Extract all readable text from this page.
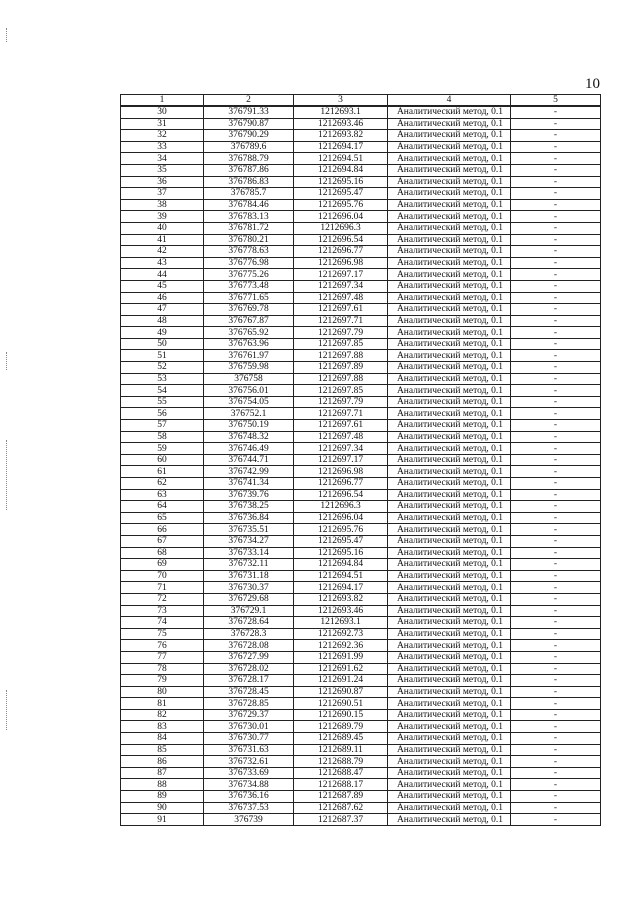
10
1	2	3	4	5
30	376791.33	1212693.1	Аналитический метод, 0.1	-
31	376790.87	1212693.46	Аналитический метод, 0.1	-
32	376790.29	1212693.82	Аналитический метод, 0.1	-
33	376789.6	1212694.17	Аналитический метод, 0.1	-
34	376788.79	1212694.51	Аналитический метод, 0.1	-
35	376787.86	1212694.84	Аналитический метод, 0.1	-
36	376786.83	1212695.16	Аналитический метод, 0.1	-
37	376785.7	1212695.47	Аналитический метод, 0.1	-
38	376784.46	1212695.76	Аналитический метод, 0.1	-
39	376783.13	1212696.04	Аналитический метод, 0.1	-
40	376781.72	1212696.3	Аналитический метод, 0.1	-
41	376780.21	1212696.54	Аналитический метод, 0.1	-
42	376778.63	1212696.77	Аналитический метод, 0.1	-
43	376776.98	1212696.98	Аналитический метод, 0.1	-
44	376775.26	1212697.17	Аналитический метод, 0.1	-
45	376773.48	1212697.34	Аналитический метод, 0.1	-
46	376771.65	1212697.48	Аналитический метод, 0.1	-
47	376769.78	1212697.61	Аналитический метод, 0.1	-
48	376767.87	1212697.71	Аналитический метод, 0.1	-
49	376765.92	1212697.79	Аналитический метод, 0.1	-
50	376763.96	1212697.85	Аналитический метод, 0.1	-
51	376761.97	1212697.88	Аналитический метод, 0.1	-
52	376759.98	1212697.89	Аналитический метод, 0.1	-
53	376758	1212697.88	Аналитический метод, 0.1	-
54	376756.01	1212697.85	Аналитический метод, 0.1	-
55	376754.05	1212697.79	Аналитический метод, 0.1	-
56	376752.1	1212697.71	Аналитический метод, 0.1	-
57	376750.19	1212697.61	Аналитический метод, 0.1	-
58	376748.32	1212697.48	Аналитический метод, 0.1	-
59	376746.49	1212697.34	Аналитический метод, 0.1	-
60	376744.71	1212697.17	Аналитический метод, 0.1	-
61	376742.99	1212696.98	Аналитический метод, 0.1	-
62	376741.34	1212696.77	Аналитический метод, 0.1	-
63	376739.76	1212696.54	Аналитический метод, 0.1	-
64	376738.25	1212696.3	Аналитический метод, 0.1	-
65	376736.84	1212696.04	Аналитический метод, 0.1	-
66	376735.51	1212695.76	Аналитический метод, 0.1	-
67	376734.27	1212695.47	Аналитический метод, 0.1	-
68	376733.14	1212695.16	Аналитический метод, 0.1	-
69	376732.11	1212694.84	Аналитический метод, 0.1	-
70	376731.18	1212694.51	Аналитический метод, 0.1	-
71	376730.37	1212694.17	Аналитический метод, 0.1	-
72	376729.68	1212693.82	Аналитический метод, 0.1	-
73	376729.1	1212693.46	Аналитический метод, 0.1	-
74	376728.64	1212693.1	Аналитический метод, 0.1	-
75	376728.3	1212692.73	Аналитический метод, 0.1	-
76	376728.08	1212692.36	Аналитический метод, 0.1	-
77	376727.99	1212691.99	Аналитический метод, 0.1	-
78	376728.02	1212691.62	Аналитический метод, 0.1	-
79	376728.17	1212691.24	Аналитический метод, 0.1	-
80	376728.45	1212690.87	Аналитический метод, 0.1	-
81	376728.85	1212690.51	Аналитический метод, 0.1	-
82	376729.37	1212690.15	Аналитический метод, 0.1	-
83	376730.01	1212689.79	Аналитический метод, 0.1	-
84	376730.77	1212689.45	Аналитический метод, 0.1	-
85	376731.63	1212689.11	Аналитический метод, 0.1	-
86	376732.61	1212688.79	Аналитический метод, 0.1	-
87	376733.69	1212688.47	Аналитический метод, 0.1	-
88	376734.88	1212688.17	Аналитический метод, 0.1	-
89	376736.16	1212687.89	Аналитический метод, 0.1	-
90	376737.53	1212687.62	Аналитический метод, 0.1	-
91	376739	1212687.37	Аналитический метод, 0.1	-
